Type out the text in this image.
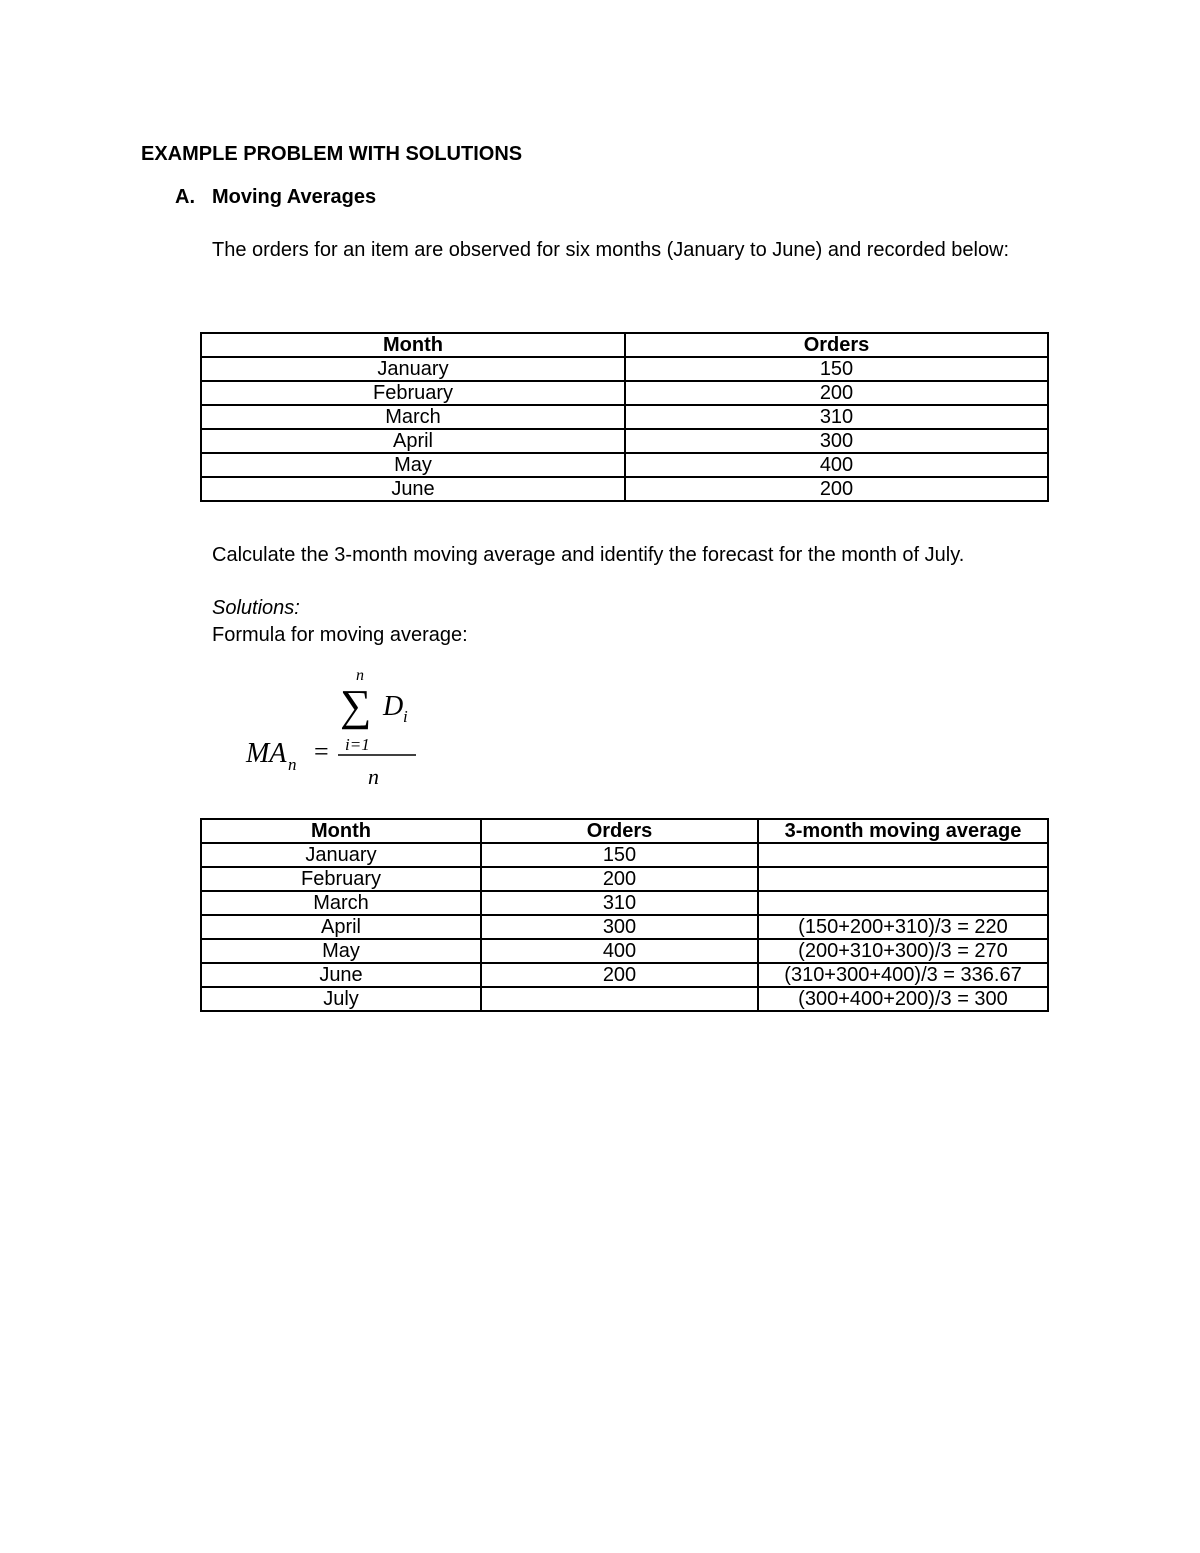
EXAMPLE PROBLEM WITH SOLUTIONS
A. Moving Averages
The orders for an item are observed for six months (January to June) and recorded below:
Month	Orders
January	150
February	200
March	310
April	300
May	400
June	200
Calculate the 3-month moving average and identify the forecast for the month of July.
Solutions:
Formula for moving average:
n
∑ D i
i=1
MA n =
n
Month	Orders	3-month moving average
January	150	
February	200	
March	310	
April	300	(150+200+310)/3 = 220
May	400	(200+310+300)/3 = 270
June	200	(310+300+400)/3 = 336.67
July		(300+400+200)/3 = 300
